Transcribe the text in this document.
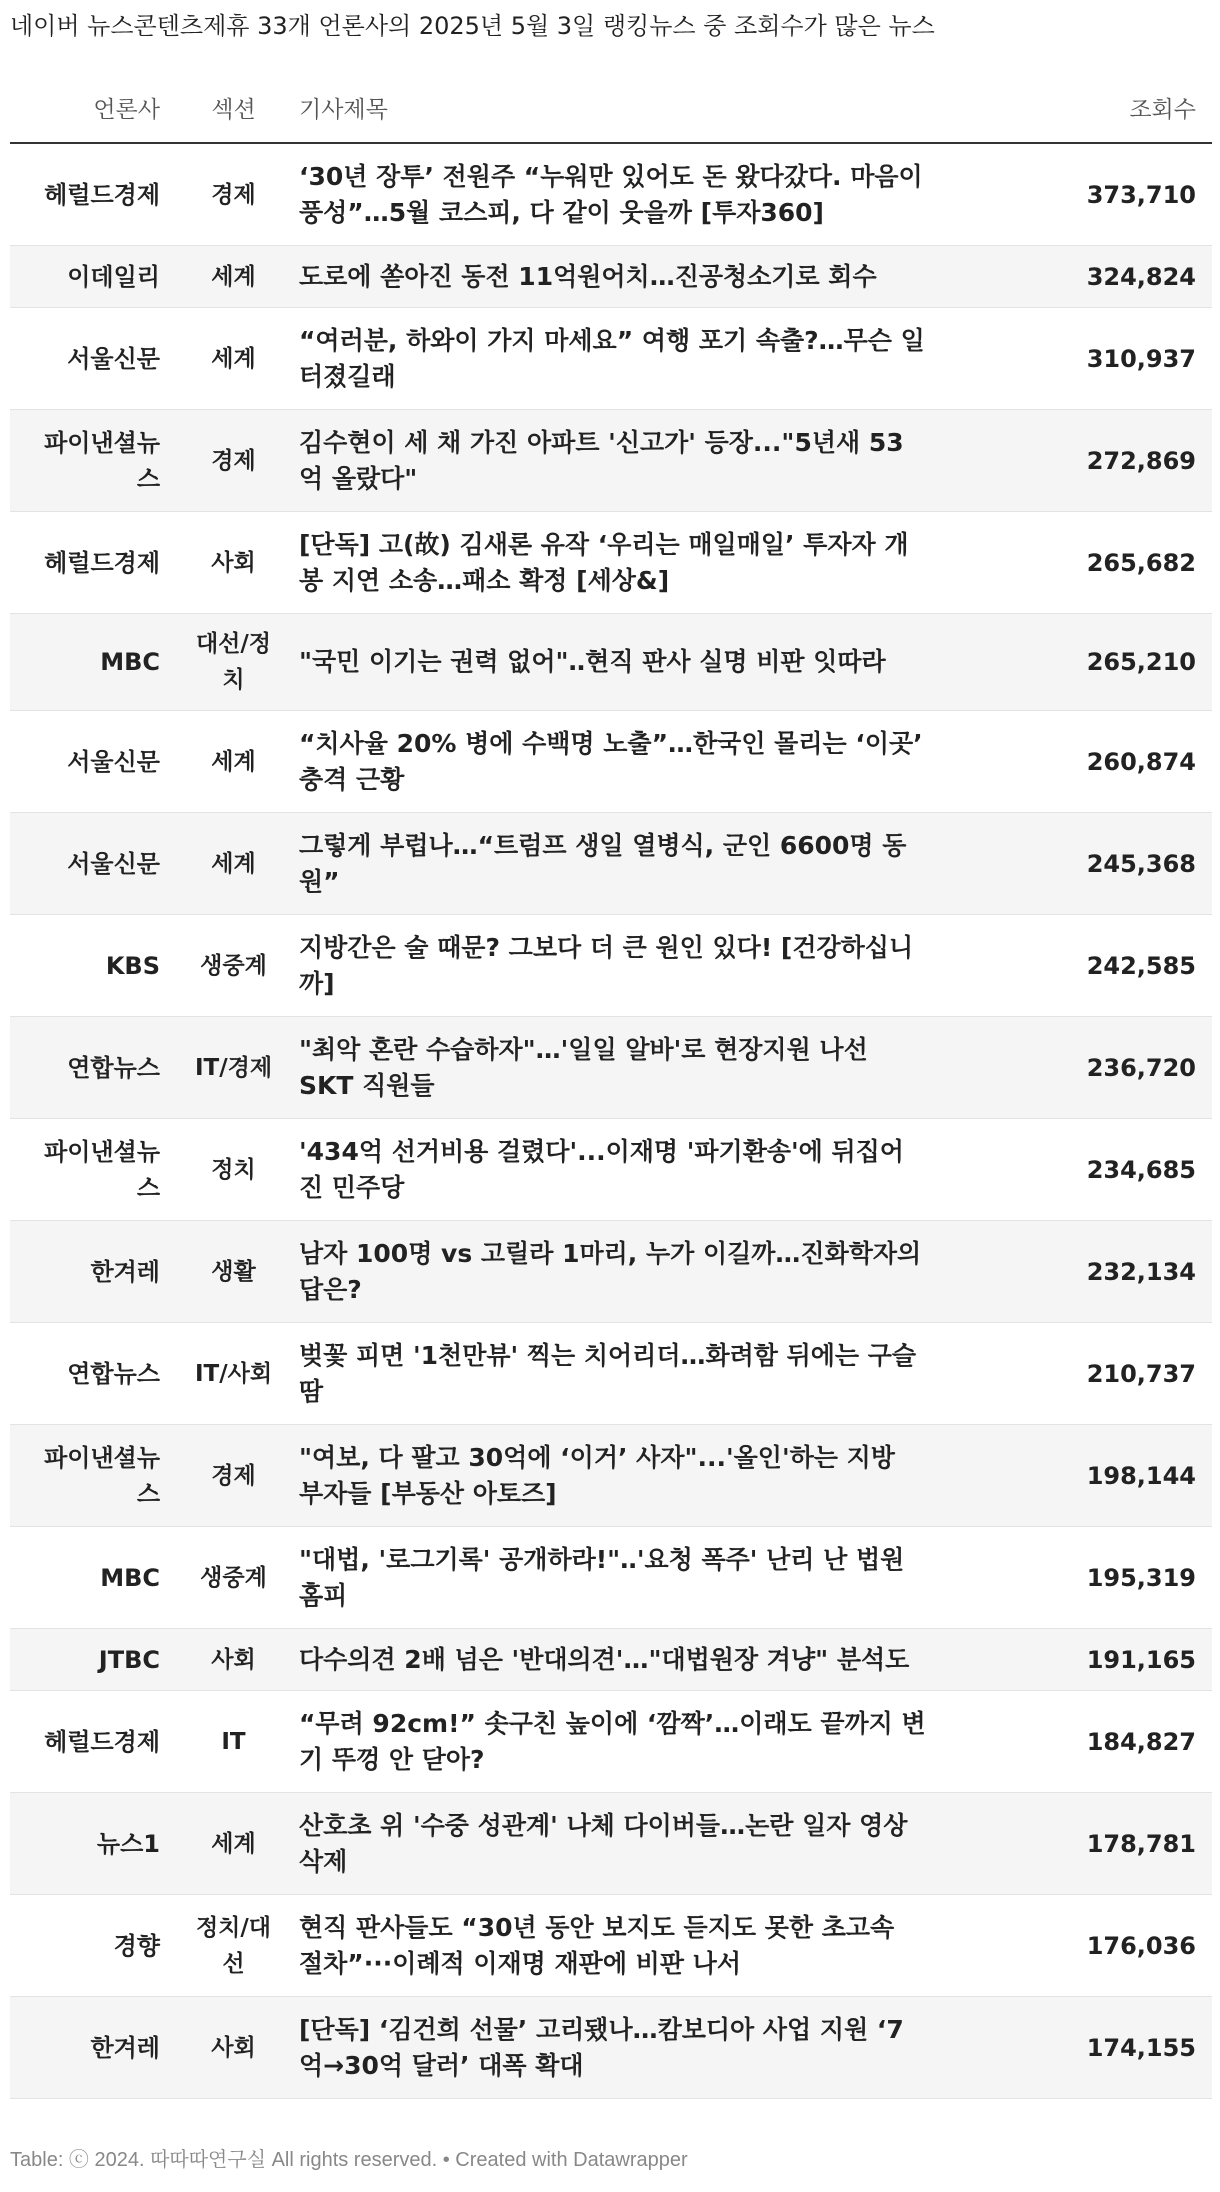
네이버 뉴스콘텐츠제휴 33개 언론사의 2025년 5월 3일 랭킹뉴스 중 조회수가 많은 뉴스
언론사	섹션	기사제목	조회수
헤럴드경제	경제	‘30년 장투’ 전원주 “누워만 있어도 돈 왔다갔다. 마음이 풍성”…5월 코스피, 다 같이 웃을까 [투자360]	373,710
이데일리	세계	도로에 쏟아진 동전 11억원어치…진공청소기로 회수	324,824
서울신문	세계	“여러분, 하와이 가지 마세요” 여행 포기 속출?…무슨 일 터졌길래	310,937
파이낸셜뉴스	경제	김수현이 세 채 가진 아파트 '신고가' 등장..."5년새 53억 올랐다"	272,869
헤럴드경제	사회	[단독] 고(故) 김새론 유작 ‘우리는 매일매일’ 투자자 개봉 지연 소송…패소 확정 [세상&]	265,682
MBC	대선/정치	"국민 이기는 권력 없어"‥현직 판사 실명 비판 잇따라	265,210
서울신문	세계	“치사율 20% 병에 수백명 노출”…한국인 몰리는 ‘이곳’ 충격 근황	260,874
서울신문	세계	그렇게 부럽나…“트럼프 생일 열병식, 군인 6600명 동원”	245,368
KBS	생중계	지방간은 술 때문? 그보다 더 큰 원인 있다! [건강하십니까]	242,585
연합뉴스	IT/경제	"최악 혼란 수습하자"…'일일 알바'로 현장지원 나선 SKT 직원들	236,720
파이낸셜뉴스	정치	'434억 선거비용 걸렸다'...이재명 '파기환송'에 뒤집어진 민주당	234,685
한겨레	생활	남자 100명 vs 고릴라 1마리, 누가 이길까…진화학자의 답은?	232,134
연합뉴스	IT/사회	벚꽃 피면 '1천만뷰' 찍는 치어리더…화려함 뒤에는 구슬땀	210,737
파이낸셜뉴스	경제	"여보, 다 팔고 30억에 ‘이거’ 사자"...'올인'하는 지방 부자들 [부동산 아토즈]	198,144
MBC	생중계	"대법, '로그기록' 공개하라!"‥'요청 폭주' 난리 난 법원 홈피	195,319
JTBC	사회	다수의견 2배 넘은 '반대의견'…"대법원장 겨냥" 분석도	191,165
헤럴드경제	IT	“무려 92cm!” 솟구친 높이에 ‘깜짝’…이래도 끝까지 변기 뚜껑 안 닫아?	184,827
뉴스1	세계	산호초 위 '수중 성관계' 나체 다이버들…논란 일자 영상 삭제	178,781
경향	정치/대선	현직 판사들도 “30년 동안 보지도 듣지도 못한 초고속 절차”···이례적 이재명 재판에 비판 나서	176,036
한겨레	사회	[단독] ‘김건희 선물’ 고리됐나…캄보디아 사업 지원 ‘7억→30억 달러’ 대폭 확대	174,155
Table: ⓒ 2024. 따따따연구실 All rights reserved. • Created with Datawrapper
